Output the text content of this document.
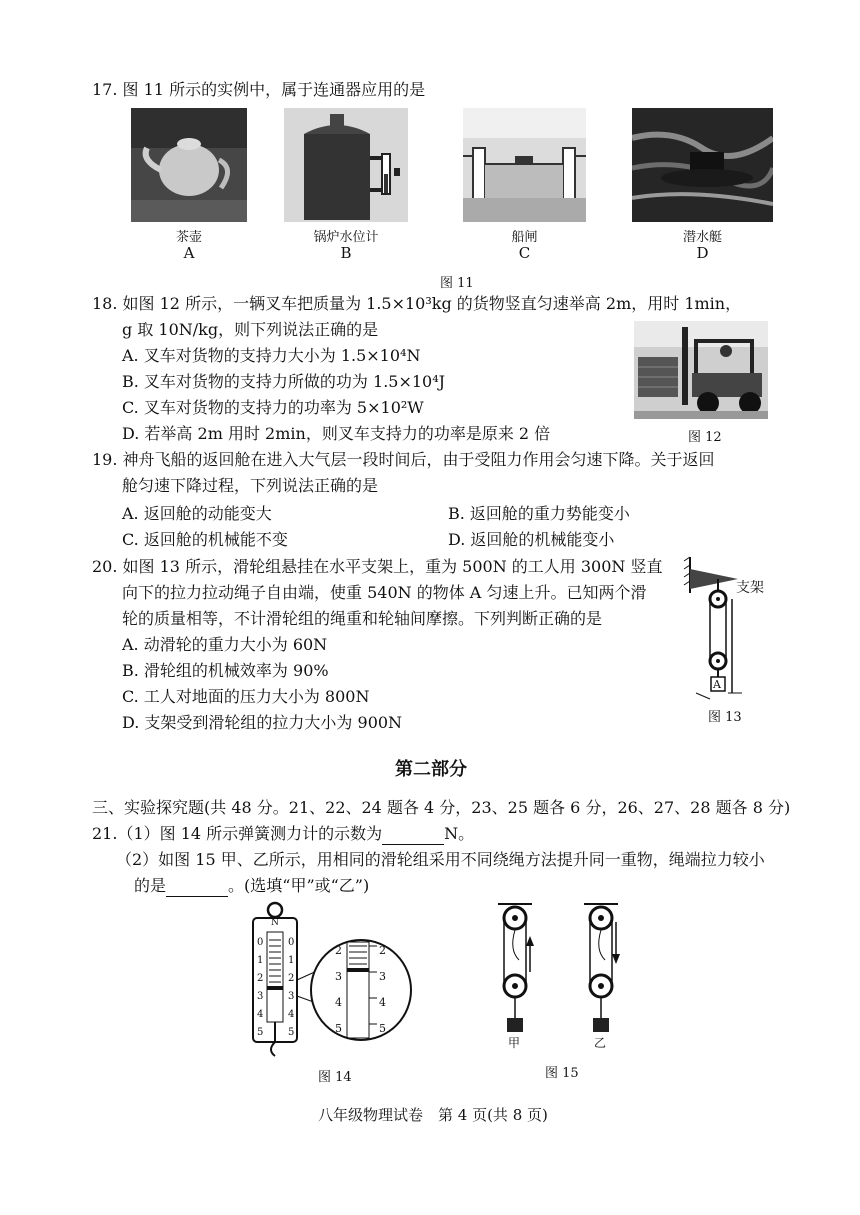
17. 图 11 所示的实例中，属于连通器应用的是
茶壶
A
锅炉水位计
B
船闸
C
潜水艇
D
图 11
18. 如图 12 所示，一辆叉车把质量为 1.5×10³kg 的货物竖直匀速举高 2m，用时 1min，
g 取 10N/kg，则下列说法正确的是
A. 叉车对货物的支持力大小为 1.5×10⁴N
B. 叉车对货物的支持力所做的功为 1.5×10⁴J
C. 叉车对货物的支持力的功率为 5×10²W
D. 若举高 2m 用时 2min，则叉车支持力的功率是原来 2 倍	图 12
19. 神舟飞船的返回舱在进入大气层一段时间后，由于受阻力作用会匀速下降。关于返回
舱匀速下降过程，下列说法正确的是
A. 返回舱的动能变大	B. 返回舱的重力势能变小
C. 返回舱的机械能不变	D. 返回舱的机械能变小
20. 如图 13 所示，滑轮组悬挂在水平支架上，重为 500N 的工人用 300N 竖直
向下的拉力拉动绳子自由端，使重 540N 的物体 A 匀速上升。已知两个滑
轮的质量相等，不计滑轮组的绳重和轮轴间摩擦。下列判断正确的是
A. 动滑轮的重力大小为 60N
B. 滑轮组的机械效率为 90%
C. 工人对地面的压力大小为 800N
D. 支架受到滑轮组的拉力大小为 900N
支架
A
图 13
第二部分
三、实验探究题(共 48 分。21、22、24 题各 4 分，23、25 题各 6 分，26、27、28 题各 8 分)
21.（1）图 14 所示弹簧测力计的示数为	N。
（2）如图 15 甲、乙所示，用相同的滑轮组采用不同绕绳方法提升同一重物，绳端拉力较小
的是	。(选填“甲”或“乙”)
N
0
1
2
3
4
5
0
1
2
3
4
5
2
3
4
5
2
3
4
5
图 14
甲	乙
图 15
八年级物理试卷　第 4 页(共 8 页)
